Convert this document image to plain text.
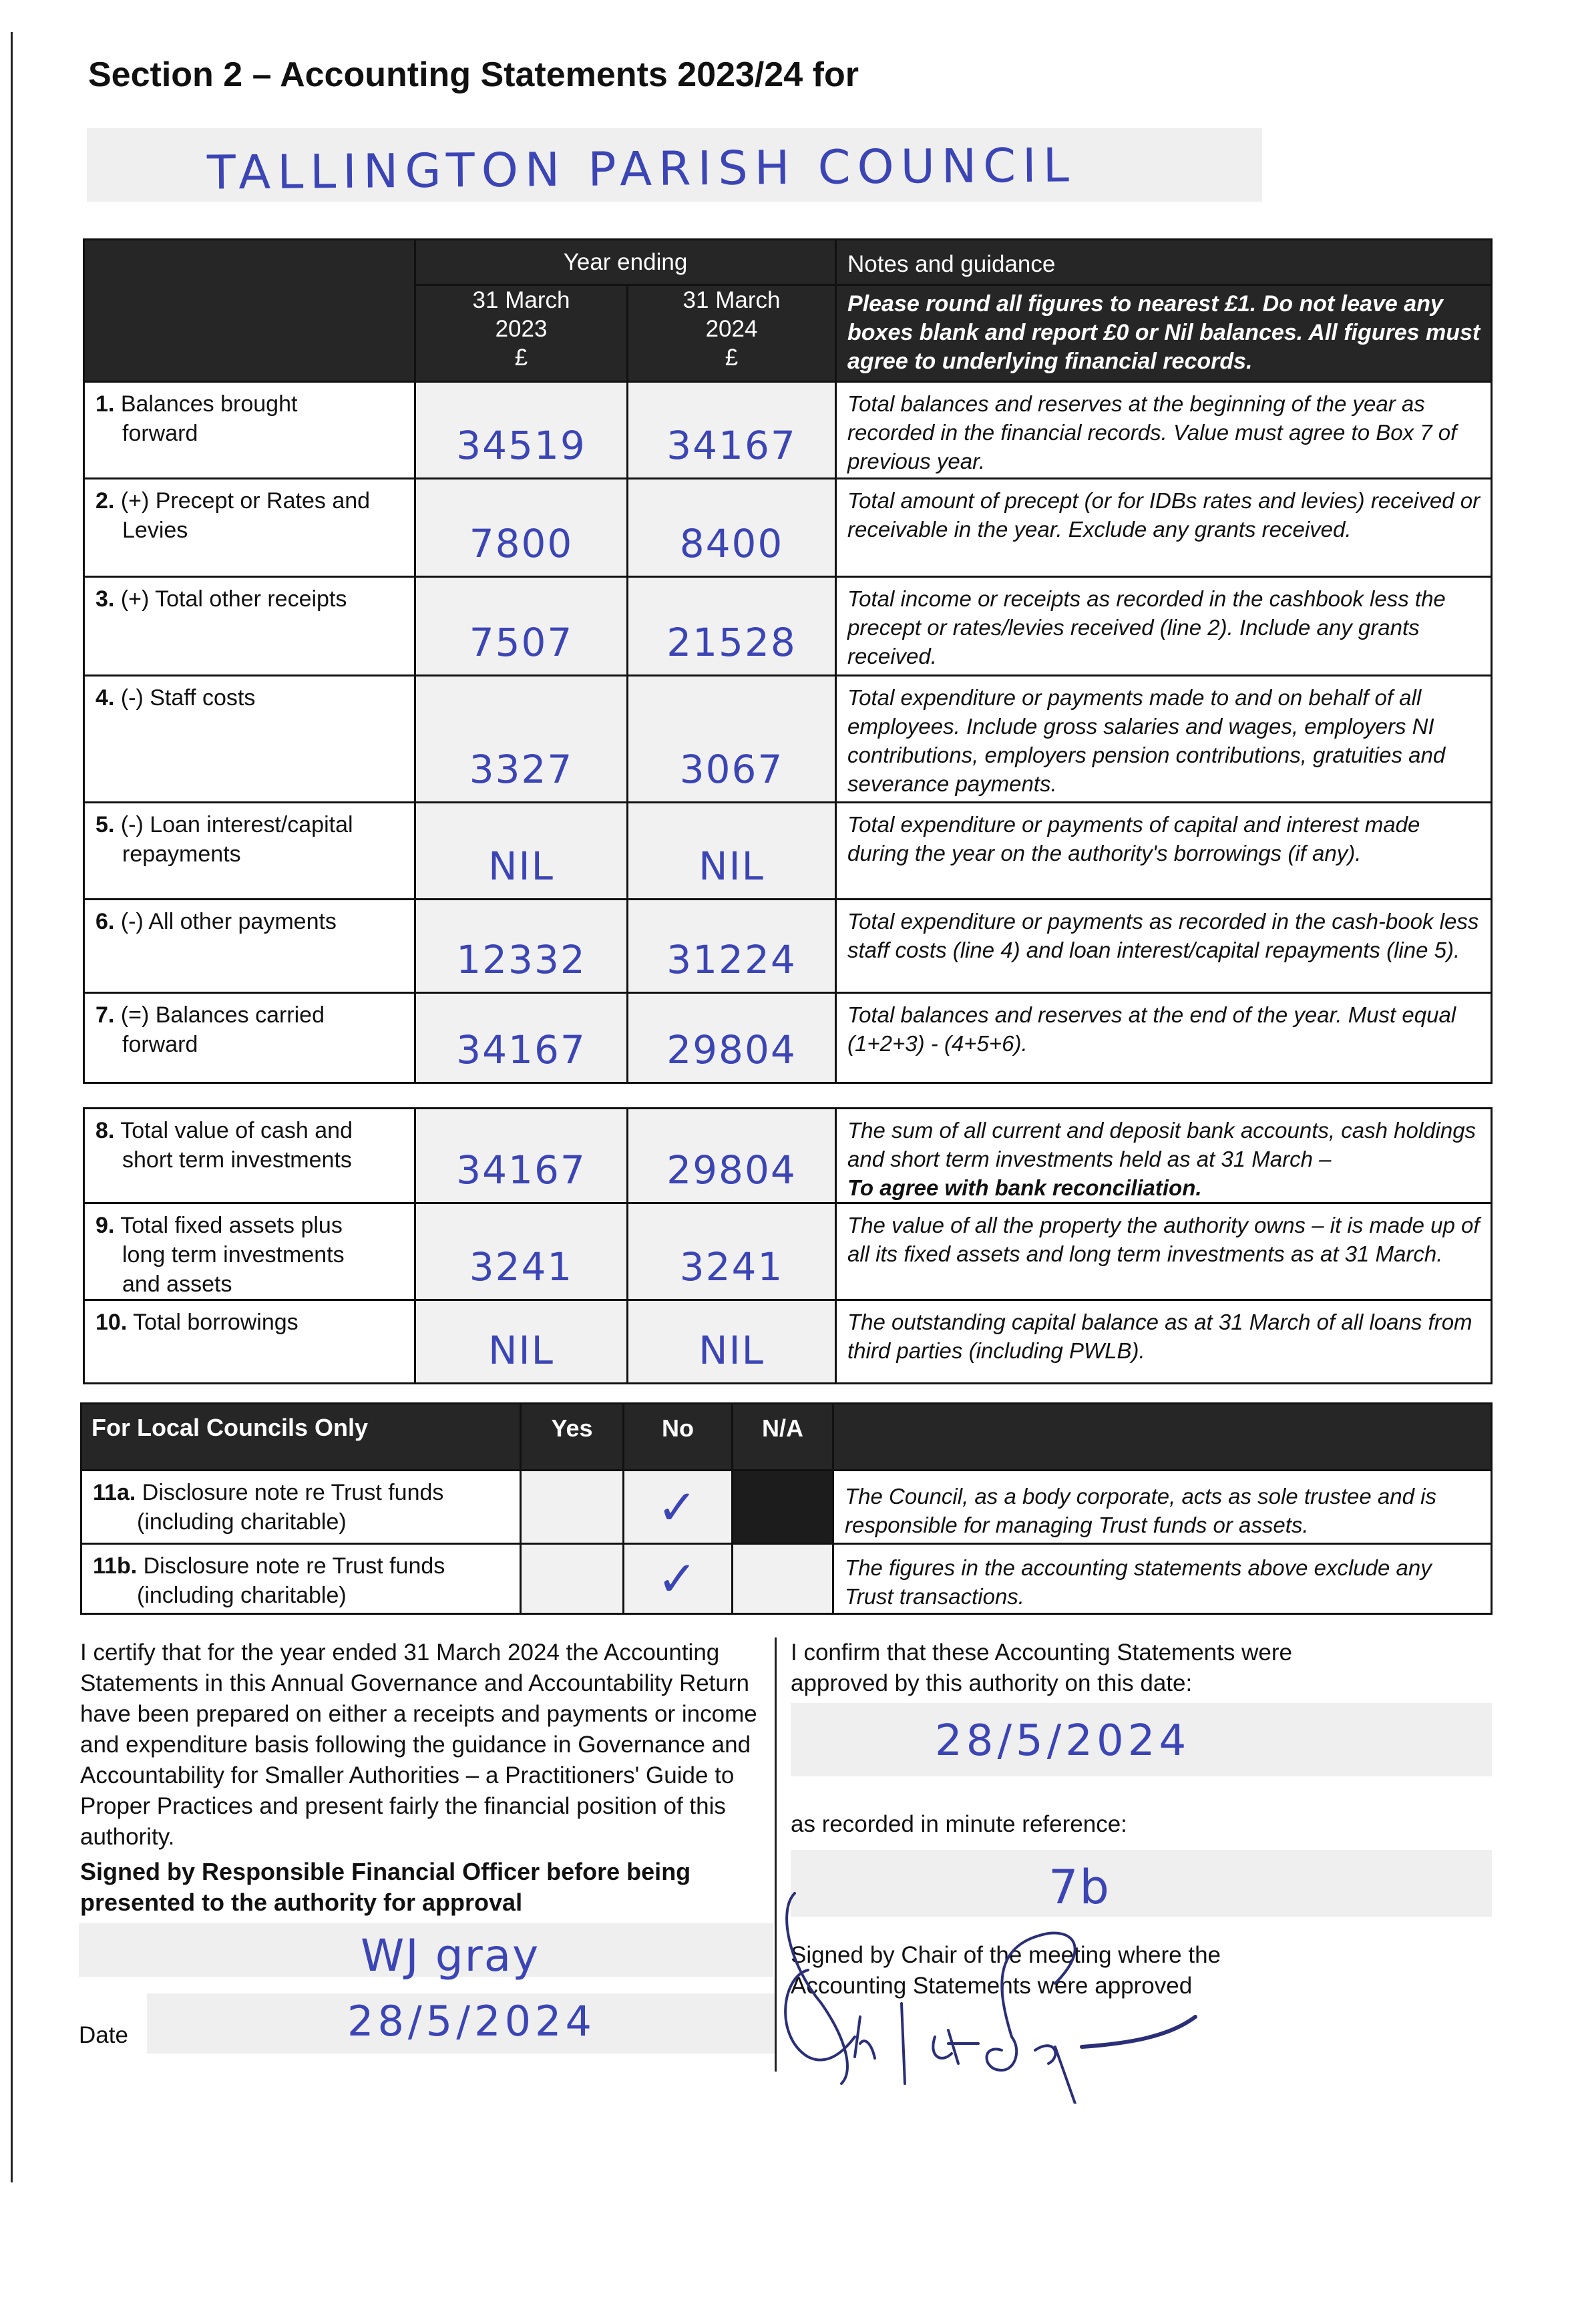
Section 2 – Accounting Statements 2023/24 for
TALLINGTON PARISH COUNCIL
	Year ending		Notes and guidance

31 March
2023
£

31 March
2024
£
	Please round all figures to nearest £1. Do not leave any boxes blank and report £0 or Nil balances. All figures must agree to underlying financial records.
1. Balances brought
forward	34519	34167	Total balances and reserves at the beginning of the year as recorded in the financial records. Value must agree to Box 7 of previous year.
2. (+) Precept or Rates and
Levies	7800	8400	Total amount of precept (or for IDBs rates and levies) received or receivable in the year. Exclude any grants received.
3. (+) Total other receipts	7507	21528	Total income or receipts as recorded in the cashbook less the precept or rates/levies received (line 2). Include any grants received.
4. (-) Staff costs	3327	3067	Total expenditure or payments made to and on behalf of all employees. Include gross salaries and wages, employers NI contributions, employers pension contributions, gratuities and severance payments.
5. (-) Loan interest/capital
repayments	NIL	NIL	Total expenditure or payments of capital and interest made during the year on the authority's borrowings (if any).
6. (-) All other payments	12332	31224	Total expenditure or payments as recorded in the cash-book less staff costs (line 4) and loan interest/capital repayments (line 5).
7. (=) Balances carried
forward	34167	29804	Total balances and reserves at the end of the year. Must equal (1+2+3) - (4+5+6).
8. Total value of cash and
short term investments	34167	29804	The sum of all current and deposit bank accounts, cash holdings and short term investments held as at 31 March –
To agree with bank reconciliation.
9. Total fixed assets plus
long term investments
and assets	3241	3241	The value of all the property the authority owns – it is made up of all its fixed assets and long term investments as at 31 March.
10. Total borrowings	NIL	NIL	The outstanding capital balance as at 31 March of all loans from third parties (including PWLB).
For Local Councils Only	Yes	No	N/A	
11a. Disclosure note re Trust funds
(including charitable)		✓		The Council, as a body corporate, acts as sole trustee and is responsible for managing Trust funds or assets.
11b. Disclosure note re Trust funds
(including charitable)		✓		The figures in the accounting statements above exclude any Trust transactions.
I certify that for the year ended 31 March 2024 the Accounting Statements in this Annual Governance and Accountability Return have been prepared on either a receipts and payments or income and expenditure basis following the guidance in Governance and Accountability for Smaller Authorities – a Practitioners' Guide to Proper Practices and present fairly the financial position of this authority.
Signed by Responsible Financial Officer before being presented to the authority for approval
WJ gray
28/5/2024
Date
I confirm that these Accounting Statements were approved by this authority on this date:
28/5/2024
as recorded in minute reference:
7b
Signed by Chair of the meeting where the Accounting Statements were approved
